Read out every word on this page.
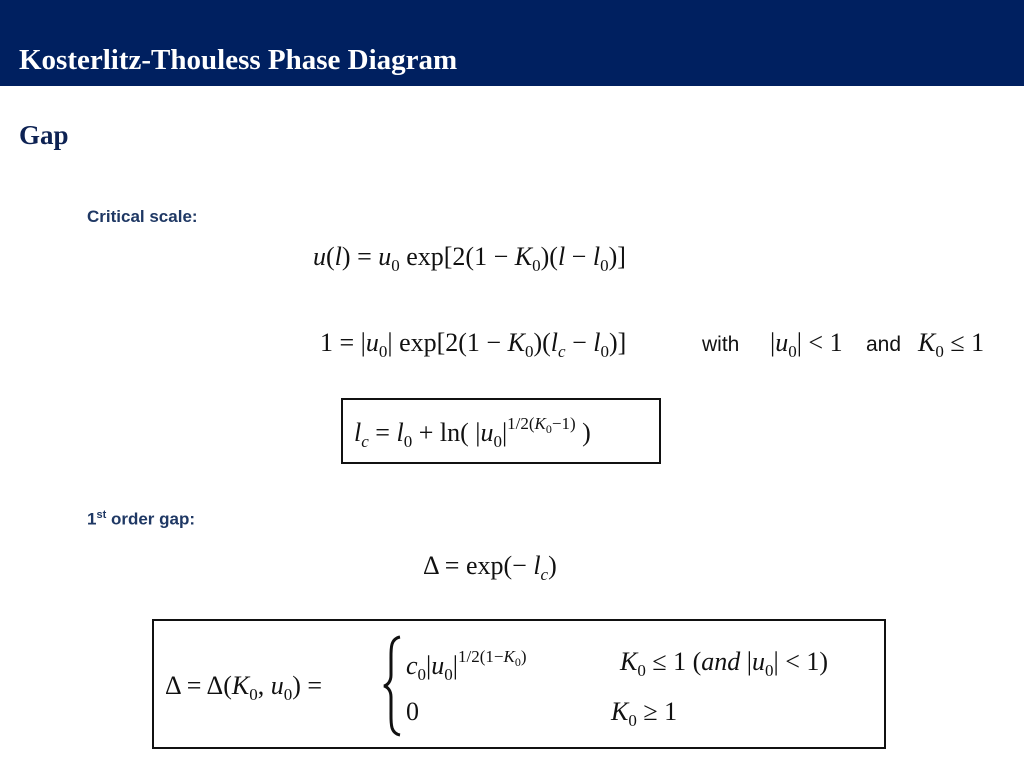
Kosterlitz-Thouless Phase Diagram
Gap
Critical scale:
$u(l) = u_0$ $\exp[2(1 - K_0)(l - l_0)]$
$1 = |u_0|$ $\exp[2(1 - K_0)(l_c - l_0)]$	with $|u_0| < 1$ and $K_0 \le 1$
$l_c = l_0 + \ln$( $|u_0|^{1/2(K0-1)}$ )
1st order gap:
$\Delta = \exp(- l_c)$
$\Delta = \Delta(K_0$, $u_0$) =
$c_0|u_0|^{1/2(1-K0)}$	$K_0 \le 1$ (and $|u_0| < 1$)
0	$K_0 \ge 1$
